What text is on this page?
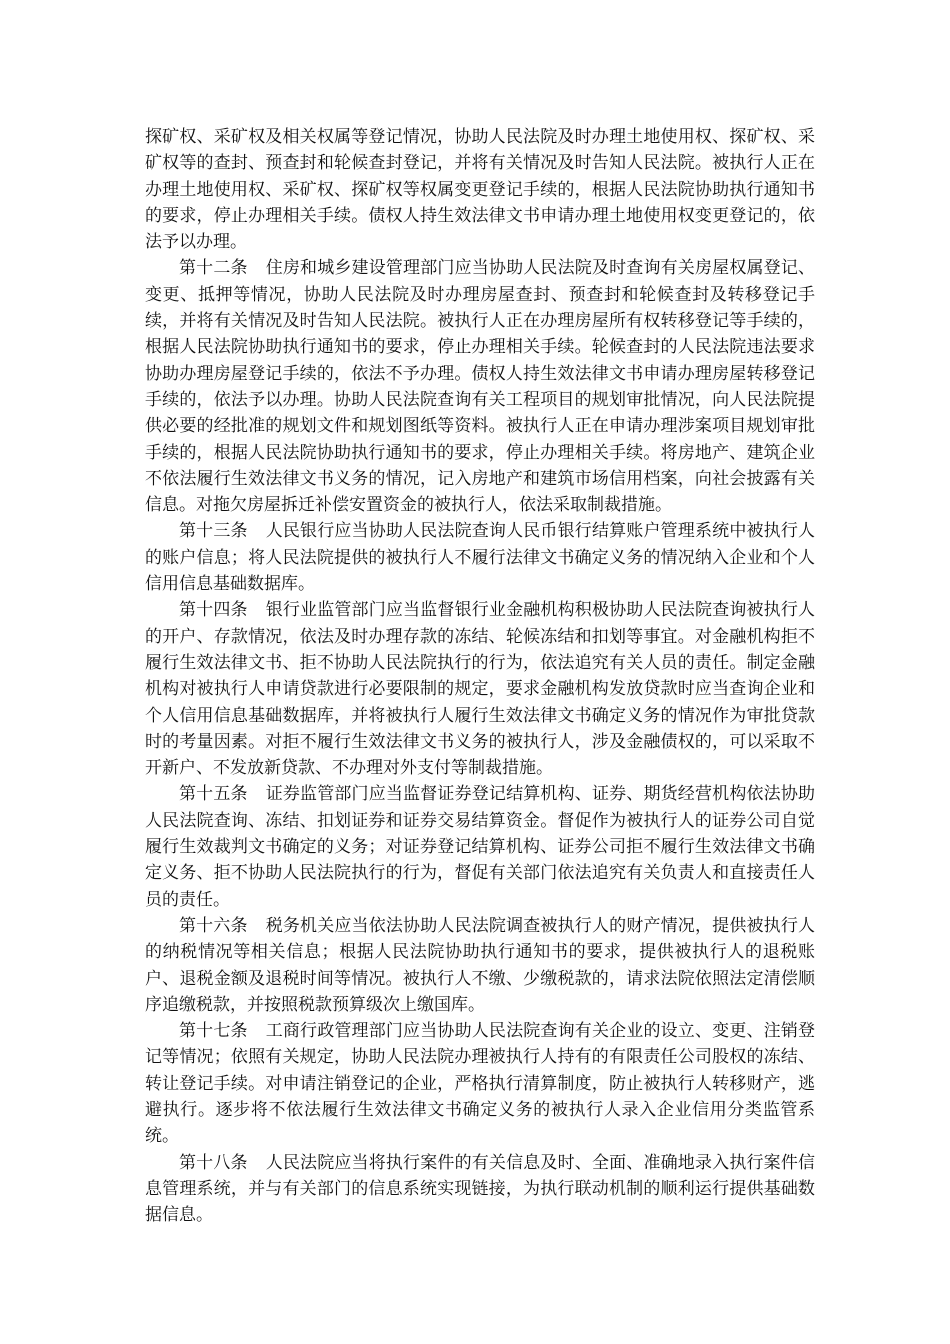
探矿权、采矿权及相关权属等登记情况，协助人民法院及时办理土地使用权、探矿权、采矿权等的查封、预查封和轮候查封登记，并将有关情况及时告知人民法院。被执行人正在办理土地使用权、采矿权、探矿权等权属变更登记手续的，根据人民法院协助执行通知书的要求，停止办理相关手续。债权人持生效法律文书申请办理土地使用权变更登记的，依法予以办理。

第十二条 住房和城乡建设管理部门应当协助人民法院及时查询有关房屋权属登记、变更、抵押等情况，协助人民法院及时办理房屋查封、预查封和轮候查封及转移登记手续，并将有关情况及时告知人民法院。被执行人正在办理房屋所有权转移登记等手续的，根据人民法院协助执行通知书的要求，停止办理相关手续。轮候查封的人民法院违法要求协助办理房屋登记手续的，依法不予办理。债权人持生效法律文书申请办理房屋转移登记手续的，依法予以办理。协助人民法院查询有关工程项目的规划审批情况，向人民法院提供必要的经批准的规划文件和规划图纸等资料。被执行人正在申请办理涉案项目规划审批手续的，根据人民法院协助执行通知书的要求，停止办理相关手续。将房地产、建筑企业不依法履行生效法律文书义务的情况，记入房地产和建筑市场信用档案，向社会披露有关信息。对拖欠房屋拆迁补偿安置资金的被执行人，依法采取制裁措施。

第十三条 人民银行应当协助人民法院查询人民币银行结算账户管理系统中被执行人的账户信息；将人民法院提供的被执行人不履行法律文书确定义务的情况纳入企业和个人信用信息基础数据库。

第十四条 银行业监管部门应当监督银行业金融机构积极协助人民法院查询被执行人的开户、存款情况，依法及时办理存款的冻结、轮候冻结和扣划等事宜。对金融机构拒不履行生效法律文书、拒不协助人民法院执行的行为，依法追究有关人员的责任。制定金融机构对被执行人申请贷款进行必要限制的规定，要求金融机构发放贷款时应当查询企业和个人信用信息基础数据库，并将被执行人履行生效法律文书确定义务的情况作为审批贷款时的考量因素。对拒不履行生效法律文书义务的被执行人，涉及金融债权的，可以采取不开新户、不发放新贷款、不办理对外支付等制裁措施。

第十五条 证券监管部门应当监督证券登记结算机构、证券、期货经营机构依法协助人民法院查询、冻结、扣划证券和证券交易结算资金。督促作为被执行人的证券公司自觉履行生效裁判文书确定的义务；对证券登记结算机构、证券公司拒不履行生效法律文书确定义务、拒不协助人民法院执行的行为，督促有关部门依法追究有关负责人和直接责任人员的责任。

第十六条 税务机关应当依法协助人民法院调查被执行人的财产情况，提供被执行人的纳税情况等相关信息；根据人民法院协助执行通知书的要求，提供被执行人的退税账户、退税金额及退税时间等情况。被执行人不缴、少缴税款的，请求法院依照法定清偿顺序追缴税款，并按照税款预算级次上缴国库。

第十七条 工商行政管理部门应当协助人民法院查询有关企业的设立、变更、注销登记等情况；依照有关规定，协助人民法院办理被执行人持有的有限责任公司股权的冻结、转让登记手续。对申请注销登记的企业，严格执行清算制度，防止被执行人转移财产，逃避执行。逐步将不依法履行生效法律文书确定义务的被执行人录入企业信用分类监管系统。

第十八条 人民法院应当将执行案件的有关信息及时、全面、准确地录入执行案件信息管理系统，并与有关部门的信息系统实现链接，为执行联动机制的顺利运行提供基础数据信息。
